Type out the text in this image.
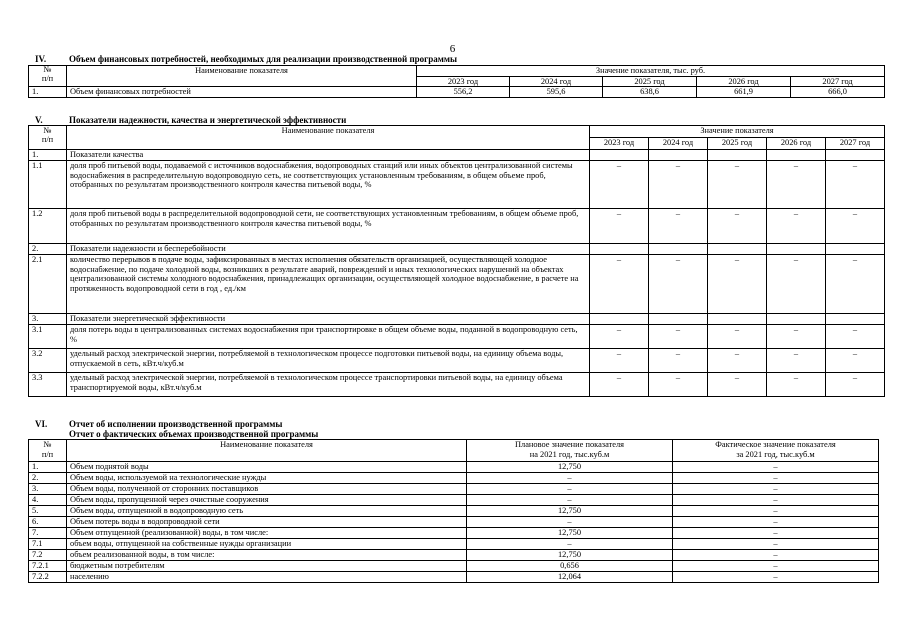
6
IV.	Объем финансовых потребностей, необходимых для реализации производственной программы
№
п/п	Наименование показателя	Значение показателя, тыс. руб.				
		2023 год	2024 год	2025 год	2026 год	2027 год
1.	Объем финансовых потребностей	556,2	595,6	638,6	661,9	666,0
V.	Показатели надежности, качества и энергетической эффективности
№
п/п	Наименование показателя	Значение показателя				
		2023 год	2024 год	2025 год	2026 год	2027 год
1.	Показатели качества					
1.1	доля проб питьевой воды, подаваемой с источников водоснабжения, водопроводных станций или иных объектов централизованной системы водоснабжения в распределительную водопроводную сеть, не соответствующих установленным требованиям, в общем объеме проб, отобранных по результатам производственного контроля качества питьевой воды, %	–	–	–	–	–

1.2	доля проб питьевой воды в распределительной водопроводной сети, не соответствующих установленным требованиям, в общем объеме проб, отобранных по результатам производственного контроля качества питьевой воды, %	–	–	–	–	–

2.	Показатели надежности и бесперебойности					
2.1	количество перерывов в подаче воды, зафиксированных в местах исполнения обязательств организацией, осуществляющей холодное водоснабжение, по подаче холодной воды, возникших в результате аварий, повреждений и иных технологических нарушений на объектах централизованной системы холодного водоснабжения, принадлежащих организации, осуществляющей холодное водоснабжение, в расчете на протяженность водопроводной сети в год , ед./км	–	–	–	–	–

3.	Показатели энергетической эффективности					
3.1	доля потерь воды в централизованных системах водоснабжения при транспортировке в общем объеме воды, поданной в водопроводную сеть, %	–	–	–	–	–

3.2	удельный расход электрической энергии, потребляемой в технологическом процессе подготовки питьевой воды, на единицу объема воды, отпускаемой в сеть, кВт.ч/куб.м	–	–	–	–	–

3.3	удельный расход электрической энергии, потребляемой в технологическом процессе транспортировки питьевой воды, на единицу объема транспортируемой воды, кВт.ч/куб.м	–	–	–	–	–
VI. Отчет об исполнении производственной программы
Отчет о фактических объемах производственной программы
№
п/п	Наименование показателя	Плановое значение показателя
на 2021 год, тыс.куб.м	Фактическое значение показателя
за 2021 год, тыс.куб.м
1.	Объем поднятой воды	12,750	–
2.	Объем воды, используемой на технологические нужды	–	–
3.	Объем воды, полученной от сторонних поставщиков	–	–
4.	Объем воды, пропущенной через очистные сооружения	–	–
5.	Объем воды, отпущенной в водопроводную сеть	12,750	–
6.	Объем потерь воды в водопроводной сети	–	–
7.	Объем отпущенной (реализованной) воды, в том числе:	12,750	–
7.1	объем воды, отпущенной на собственные нужды организации	–	–
7.2	объем реализованной воды, в том числе:	12,750	–
7.2.1	бюджетным потребителям	0,656	–
7.2.2	населению	12,064	–
